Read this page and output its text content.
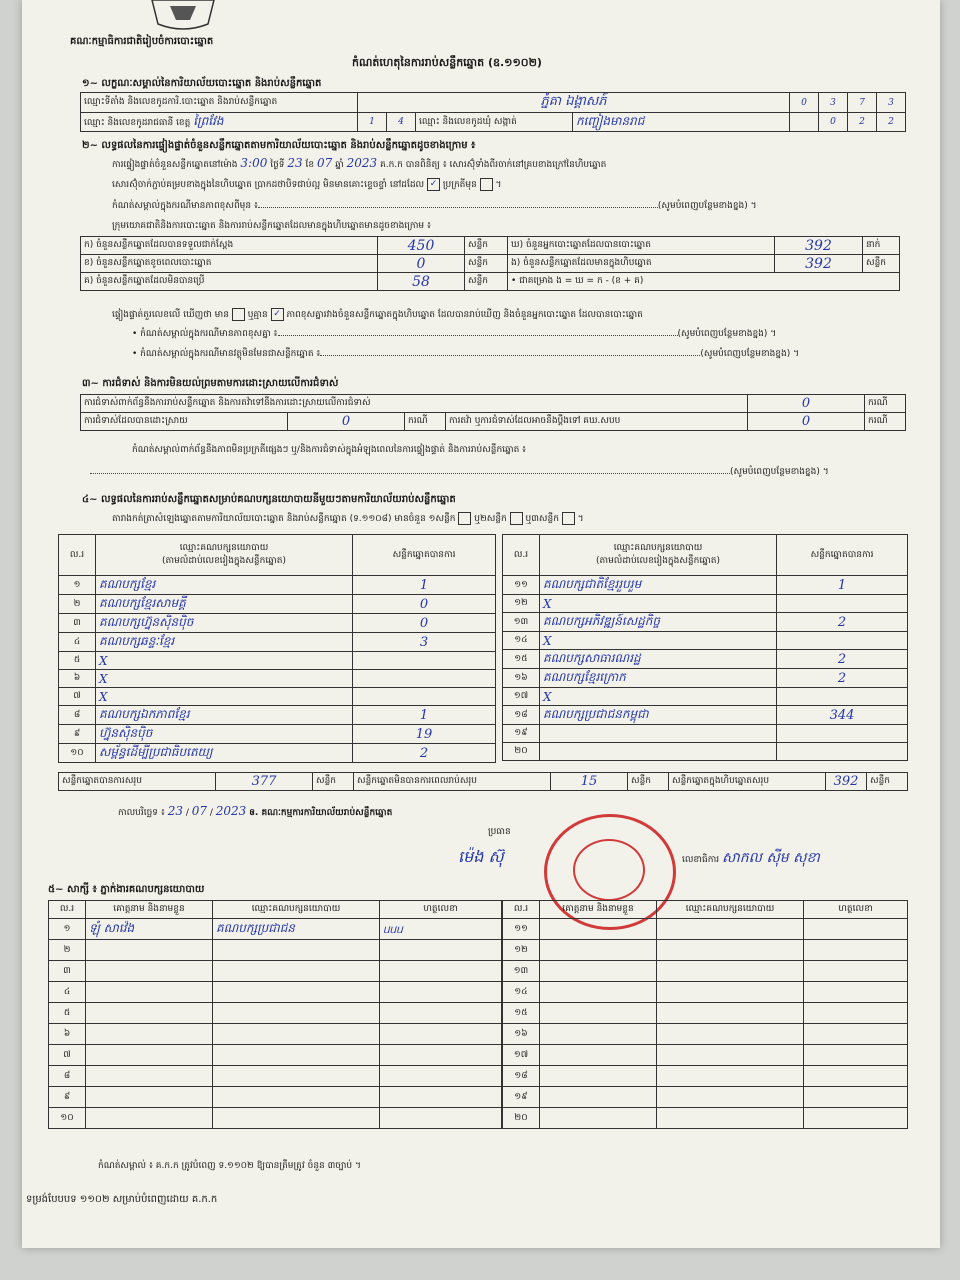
គណៈកម្មាធិការជាតិរៀបចំការបោះឆ្នោត
កំណត់ហេតុនៃការរាប់សន្លឹកឆ្នោត (ឧ.១១០២)
១~ លក្ខណៈសម្គាល់នៃការិយាល័យបោះឆ្នោត និងរាប់សន្លឹកឆ្នោត
ឈ្មោះទីតាំង និងលេខកូដការិ.បោះឆ្នោត និងរាប់សន្លឹកឆ្នោត	ភ្នំគា ឯង្គាសភ៍				0	3	7	3
ឈ្មោះ និងលេខកូដរាជធានី ខេត្ត ព្រៃវែង	1	4	ឈ្មោះ និងលេខកូដឃុំ សង្កាត់	កញ្ចៀងមានរាជ		0	2	2
២~ លទ្ធផលនៃការផ្ទៀងផ្ទាត់ចំនួនសន្លឹកឆ្នោតតាមការិយាល័យបោះឆ្នោត និងរាប់សន្លឹកឆ្នោតដូចខាងក្រោម ៖
ការផ្ទៀងផ្ទាត់ចំនួនសន្លឹកឆ្នោតនៅម៉ោង 3:00 ថ្ងៃទី 23 ខែ 07 ឆ្នាំ 2023 គ.ក.ក បានពិនិត្យ ៖ សោរស៊ុំទាំងពីរចាក់នៅគ្របខាងក្រៅនៃហិបឆ្នោត
សោរស៊ុំចាក់ភ្ជាប់គម្របខាងក្នុងនៃហិបឆ្នោត ប្រាកដថាបិទជាប់ល្អ មិនមានគោះខ្ទេចខ្ទាំ នៅដដែល ✓ ប្រក្រតីមុន  ។
កំណត់សម្គាល់ក្នុងករណីមានភាពខុសពីមុន ៖	(សូមបំពេញបន្ថែមខាងខ្នង) ។
ក្រុមយោគជាតិនិងការបោះឆ្នោត និងការរាប់សន្លឹកឆ្នោតដែលមានក្នុងហិបឆ្នោតមានដូចខាងក្រោម ៖
ក) ចំនួនសន្លឹកឆ្នោតដែលបានទទួលជាក់ស្តែង	450	សន្លឹក	ឃ) ចំនួនអ្នកបោះឆ្នោតដែលបានបោះឆ្នោត	392	នាក់
ខ) ចំនួនសន្លឹកឆ្នោតខូចពេលបោះឆ្នោត	0	សន្លឹក	ង) ចំនួនសន្លឹកឆ្នោតដែលមានក្នុងហិបឆ្នោត	392	សន្លឹក
គ) ចំនួនសន្លឹកឆ្នោតដែលមិនបានប្រើ	58	សន្លឹក	• ជាគម្រោង ង = ឃ = ក - (ខ + គ)		
ផ្ទៀងផ្ទាត់តួរលេខលើ ឃើញថា មាន ឬគ្មាន ✓ ភាពខុសគ្នារវាងចំនួនសន្លឹកឆ្នោតក្នុងហិបឆ្នោត ដែលបានរាប់ឃើញ និងចំនួនអ្នកបោះឆ្នោត ដែលបានបោះឆ្នោត
• កំណត់សម្គាល់ក្នុងករណីមានភាពខុសគ្នា ៖	(សូមបំពេញបន្ថែមខាងខ្នង) ។
• កំណត់សម្គាល់ក្នុងករណីមានវត្ថុមិនមែនជាសន្លឹកឆ្នោត ៖	(សូមបំពេញបន្ថែមខាងខ្នង) ។
៣~ ការជំទាស់ និងការមិនយល់ព្រមតាមការដោះស្រាយលើការជំទាស់
ការជំទាស់ពាក់ព័ន្ធនឹងការរាប់សន្លឹកឆ្នោត និងការតវ៉ាទៅនឹងការដោះស្រាយលើការជំទាស់				0	ករណី
ការជំទាស់ដែលបានដោះស្រាយ	0	ករណី	ការតវ៉ា ឬការជំទាស់ដែលអាចនឹងប្តឹងទៅ គឃ.សបប	0	ករណី
កំណត់សម្គាល់ពាក់ព័ន្ធនឹងភាពមិនប្រក្រតីផ្សេងៗ ឬ/និងការជំទាស់ក្នុងអំឡុងពេលនៃការផ្ទៀងផ្ទាត់ និងការរាប់សន្លឹកឆ្នោត ៖
(សូមបំពេញបន្ថែមខាងខ្នង) ។
៤~ លទ្ធផលនៃការរាប់សន្លឹកឆ្នោតសម្រាប់គណបក្សនយោបាយនីមួយៗតាមការិយាល័យរាប់សន្លឹកឆ្នោត
តារាងកត់ត្រាសំឡេងឆ្នោតតាមការិយាល័យបោះឆ្នោត និងរាប់សន្លឹកឆ្នោត (ទ.១១០៨) មានចំនួន ១សន្លឹក ឬ២សន្លឹក ឬ៣សន្លឹក  ។
ល.រ	ឈ្មោះគណបក្សនយោបាយ
(តាមលំដាប់លេខរៀងក្នុងសន្លឹកឆ្នោត)	សន្លឹកឆ្នោតបានការ
១	គណបក្សខ្មែរ	1
២	គណបក្សខ្មែរសាមគ្គី	0
៣	គណបក្សហ្វ៊ុនស៊ិនប៉ិច	0
៤	គណបក្សឆន្ទៈខ្មែរ	3
៥	X	
៦	X	
៧	X	
៨	គណបក្សឯកភាពខ្មែរ	1
៩	ហ្វ៊ុនស៊ិនប៉ិច	19
១០	សម្ព័ន្ធដើម្បីប្រជាធិបតេយ្យ	2
ល.រ	ឈ្មោះគណបក្សនយោបាយ
(តាមលំដាប់លេខរៀងក្នុងសន្លឹកឆ្នោត)	សន្លឹកឆ្នោតបានការ
១១	គណបក្សជាតិខ្មែររួបរួម	1
១២	X	
១៣	គណបក្សអភិវឌ្ឍន៍សេដ្ឋកិច្ច	2
១៤	X	
១៥	គណបក្សសាធារណរដ្ឋ	2
១៦	គណបក្សខ្មែរក្រោក	2
១៧	X	
១៨	គណបក្សប្រជាជនកម្ពុជា	344
១៩		
២០		
សន្លឹកឆ្នោតបានការសរុប	377	សន្លឹក	សន្លឹកឆ្នោតមិនបានការពេលរាប់សរុប	15	សន្លឹក	សន្លឹកឆ្នោតក្នុងហិបឆ្នោតសរុប	392	សន្លឹក
កាលបរិច្ឆេទ ៖ 23 / 07 / 2023 ឲ. គណៈកម្មការការិយាល័យរាប់សន្លឹកឆ្នោត
ប្រធាន
ម៉េង ស៊ុ	លេខាធិការ សាកល ស៊ីម សុខា
៥~ សាក្សី ៖ ភ្នាក់ងារគណបក្សនយោបាយ
ល.រ	គោត្តនាម និងនាមខ្លួន	ឈ្មោះគណបក្សនយោបាយ	ហត្ថលេខា
១	ឡុំ សាវ៉េង	គណបក្សប្រជាជន	ᥙᥙᥙ
២			
៣			
៤			
៥			
៦			
៧			
៨			
៩			
១០			
ល.រ	គោត្តនាម និងនាមខ្លួន	ឈ្មោះគណបក្សនយោបាយ	ហត្ថលេខា
១១			
១២			
១៣			
១៤			
១៥			
១៦			
១៧			
១៨			
១៩			
២០			
កំណត់សម្គាល់ ៖ គ.ក.ក ត្រូវបំពេញ ទ.១១០២ ឱ្យបានត្រឹមត្រូវ ចំនួន ៣ច្បាប់ ។
ទម្រង់បែបបទ ១១០២ សម្រាប់បំពេញដោយ គ.ក.ក
